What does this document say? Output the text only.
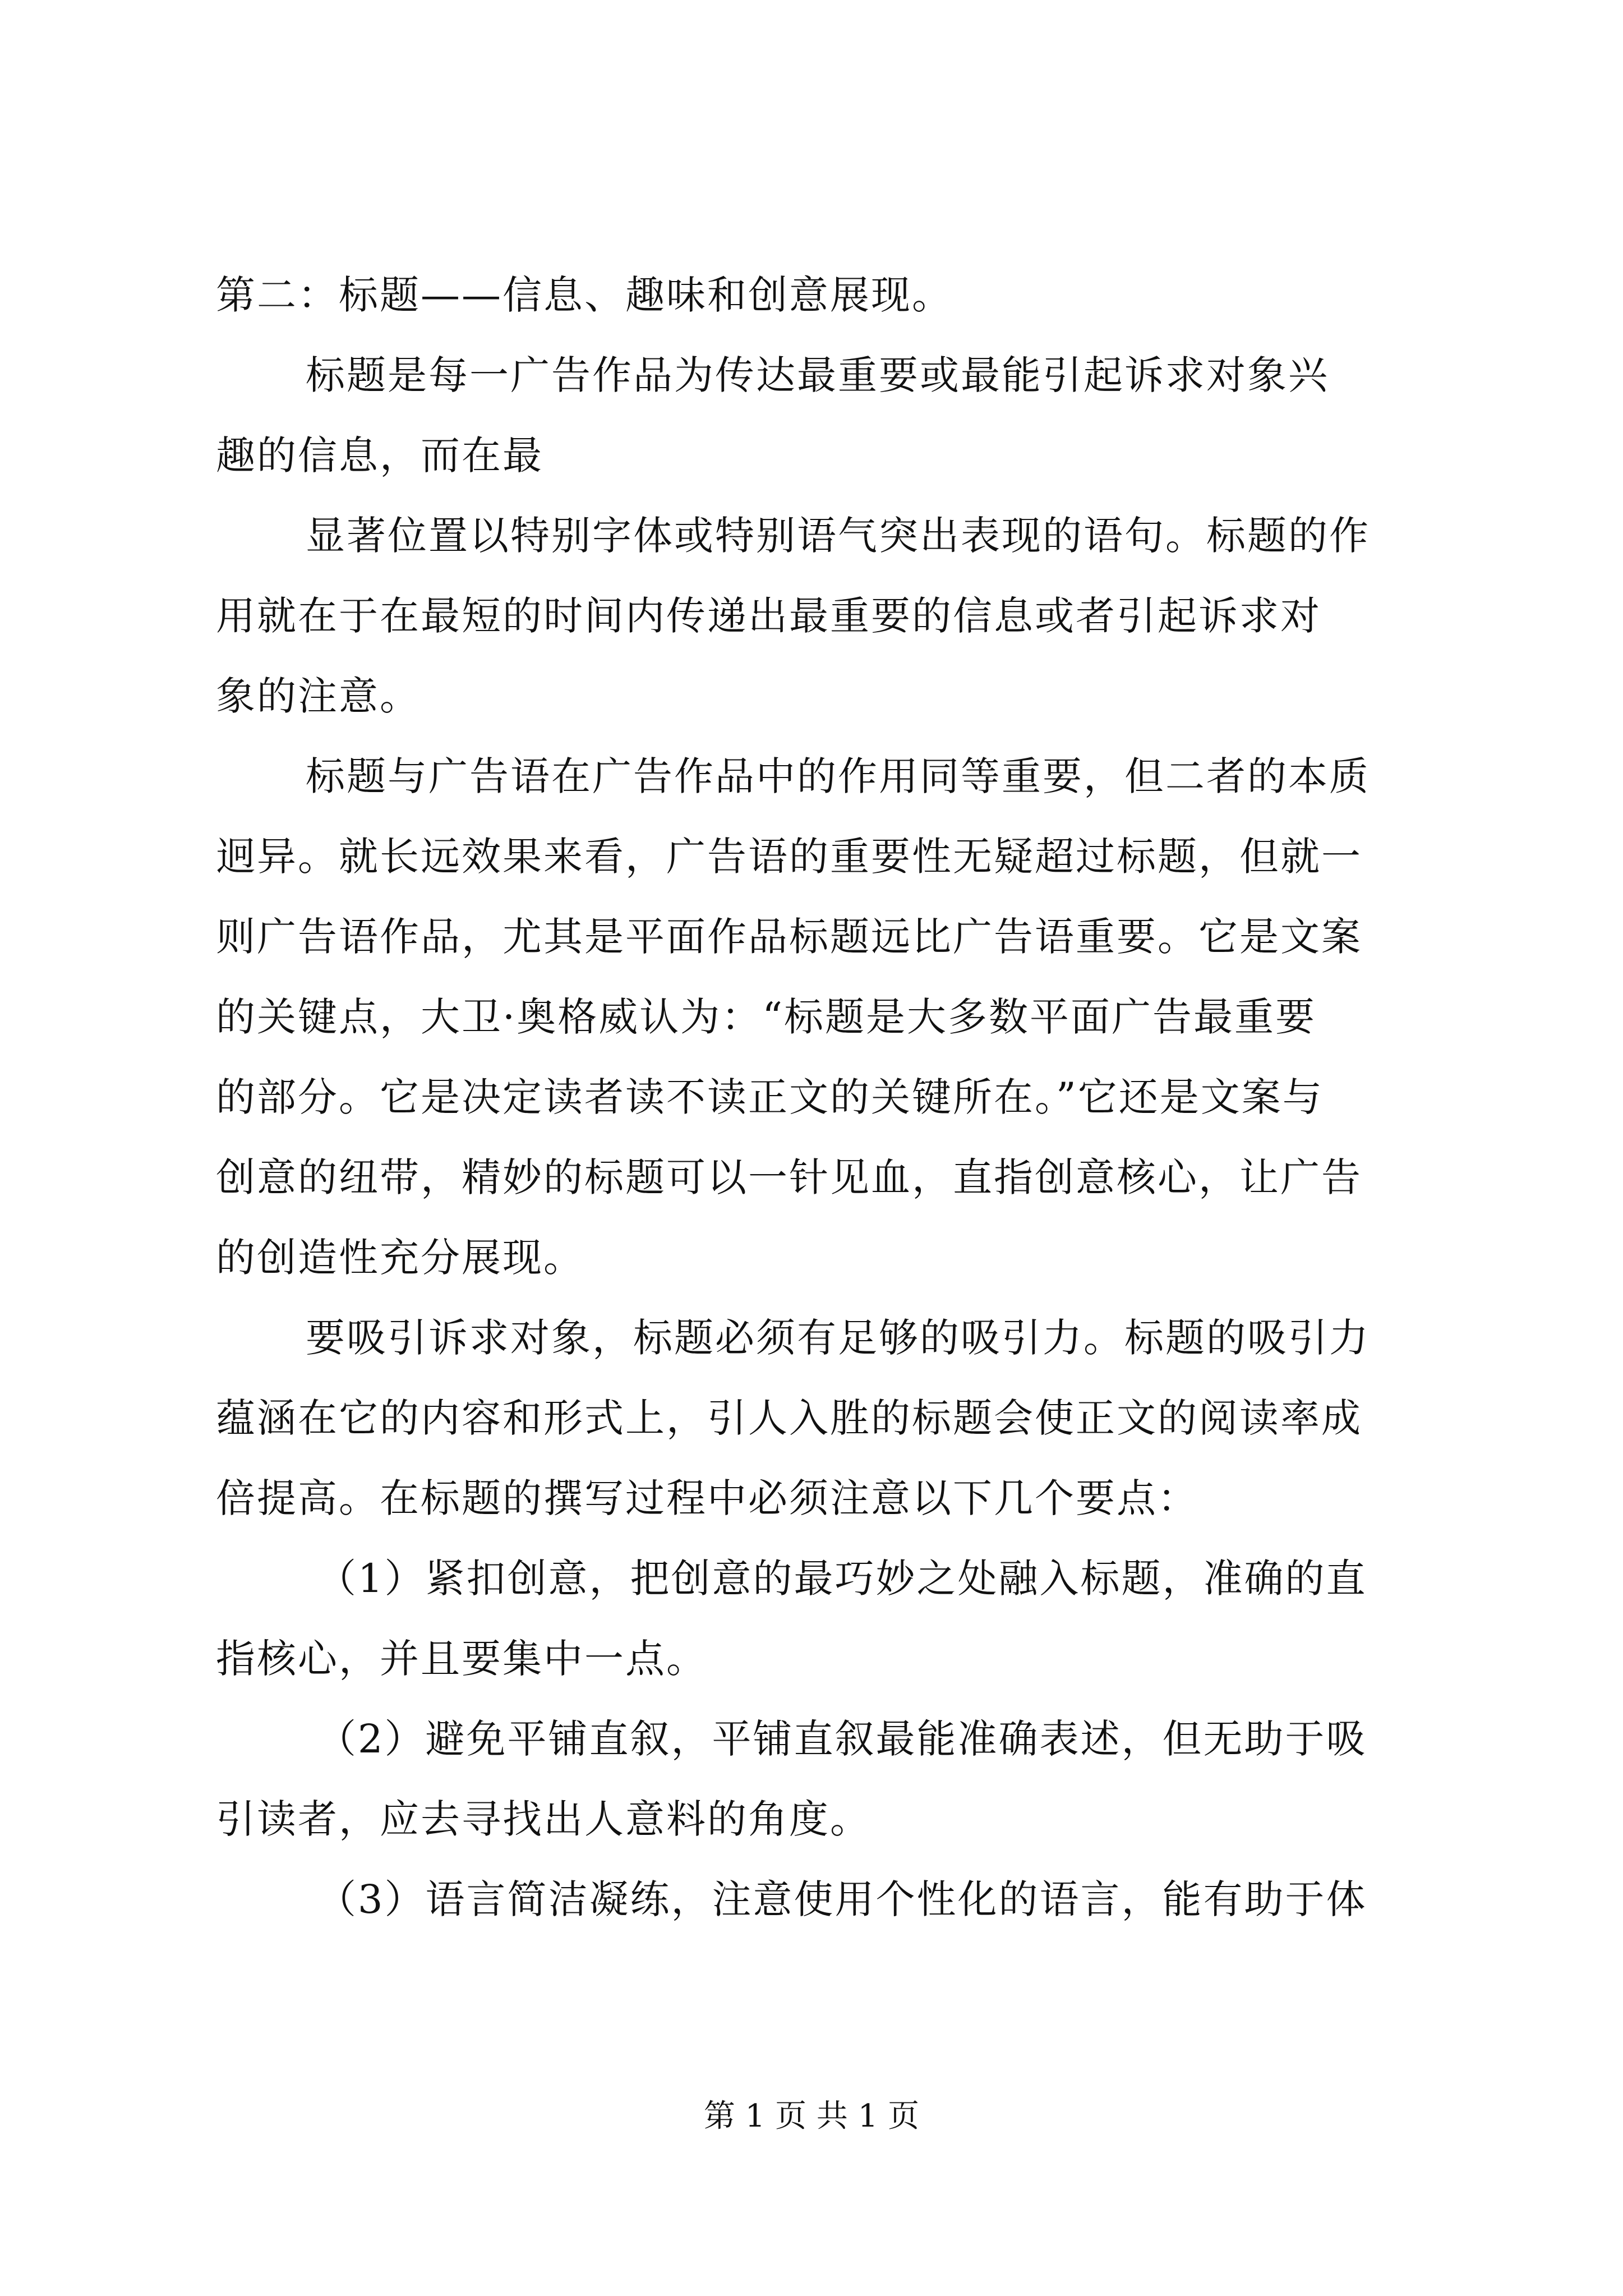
第二：标题——信息、趣味和创意展现。
标题是每一广告作品为传达最重要或最能引起诉求对象兴
趣的信息，而在最
显著位置以特别字体或特别语气突出表现的语句。标题的作
用就在于在最短的时间内传递出最重要的信息或者引起诉求对
象的注意。
标题与广告语在广告作品中的作用同等重要，但二者的本质
迥异。就长远效果来看，广告语的重要性无疑超过标题，但就一
则广告语作品，尤其是平面作品标题远比广告语重要。它是文案
的关键点，大卫·奥格威认为：“标题是大多数平面广告最重要
的部分。它是决定读者读不读正文的关键所在。”它还是文案与
创意的纽带，精妙的标题可以一针见血，直指创意核心，让广告
的创造性充分展现。
要吸引诉求对象，标题必须有足够的吸引力。标题的吸引力
蕴涵在它的内容和形式上，引人入胜的标题会使正文的阅读率成
倍提高。在标题的撰写过程中必须注意以下几个要点：
（1）紧扣创意，把创意的最巧妙之处融入标题，准确的直
指核心，并且要集中一点。
（2）避免平铺直叙，平铺直叙最能准确表述，但无助于吸
引读者，应去寻找出人意料的角度。
（3）语言简洁凝练，注意使用个性化的语言，能有助于体
第 1 页 共 1 页
